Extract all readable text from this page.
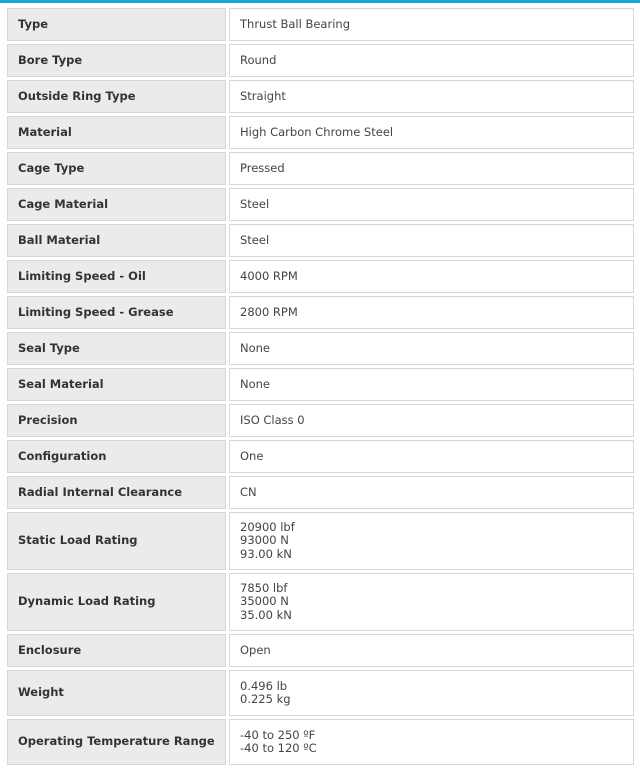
Type	Thrust Ball Bearing

Bore Type	Round

Outside Ring Type	Straight

Material	High Carbon Chrome Steel

Cage Type	Pressed

Cage Material	Steel

Ball Material	Steel

Limiting Speed - Oil	4000 RPM

Limiting Speed - Grease	2800 RPM

Seal Type	None

Seal Material	None

Precision	ISO Class 0

Configuration	One

Radial Internal Clearance	CN

Static Load Rating	20900 lbf
93000 N
93.00 kN

Dynamic Load Rating	7850 lbf
35000 N
35.00 kN

Enclosure	Open

Weight	0.496 lb
0.225 kg

Operating Temperature Range	-40 to 250 ºF
-40 to 120 ºC
